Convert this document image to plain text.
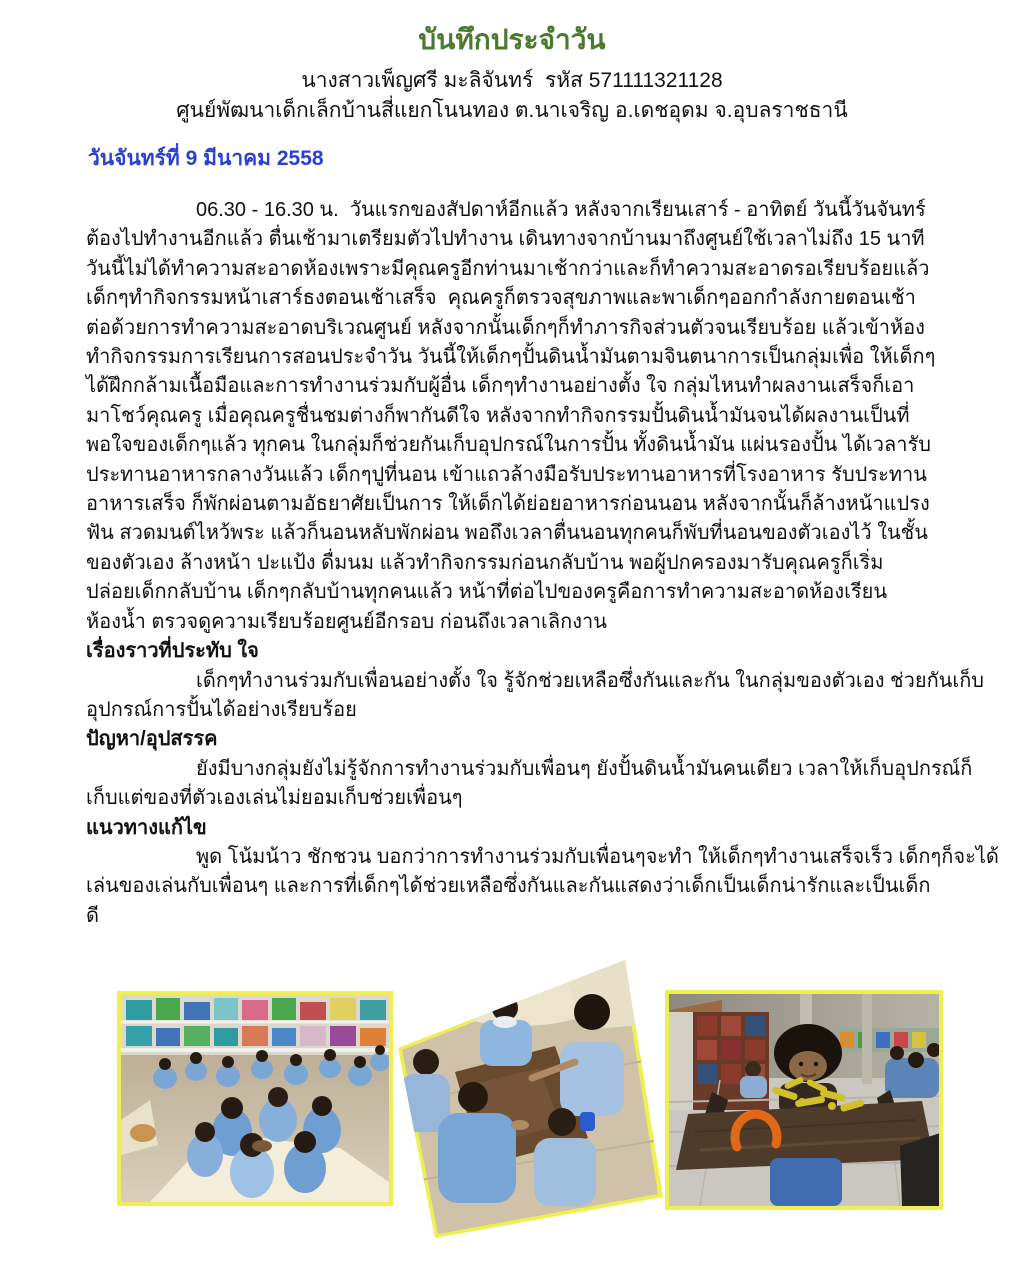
บันทึกประจำวัน
นางสาวเพ็ญศรี มะลิจันทร์  รหัส 571111321128
ศูนย์พัฒนาเด็กเล็กบ้านสี่แยกโนนทอง ต.นาเจริญ อ.เดชอุดม จ.อุบลราชธานี
วันจันทร์ที่ 9 มีนาคม 2558
06.30 - 16.30 น.  วันแรกของสัปดาห์อีกแล้ว หลังจากเรียนเสาร์ - อาทิตย์ วันนี้วันจันทร์
ต้องไปทำงานอีกแล้ว ตื่นเช้ามาเตรียมตัวไปทำงาน เดินทางจากบ้านมาถึงศูนย์ใช้เวลาไม่ถึง 15 นาที
วันนี้ไม่ได้ทำความสะอาดห้องเพราะมีคุณครูอีกท่านมาเช้ากว่าและก็ทำความสะอาดรอเรียบร้อยแล้ว
เด็กๆทำกิจกรรมหน้าเสาร์ธงตอนเช้าเสร็จ  คุณครูก็ตรวจสุขภาพและพาเด็กๆออกกำลังกายตอนเช้า
ต่อด้วยการทำความสะอาดบริเวณศูนย์ หลังจากนั้นเด็กๆก็ทำภารกิจส่วนตัวจนเรียบร้อย แล้วเข้าห้อง
ทำกิจกรรมการเรียนการสอนประจำวัน วันนี้ให้เด็กๆปั้นดินน้ำมันตามจินตนาการเป็นกลุ่มเพื่อ ให้เด็กๆ
ได้ฝึกกล้ามเนื้อมือและการทำงานร่วมกับผู้อื่น เด็กๆทำงานอย่างตั้ง ใจ กลุ่มไหนทำผลงานเสร็จก็เอา
มาโชว์คุณครู เมื่อคุณครูชื่นชมต่างก็พากันดีใจ หลังจากทำกิจกรรมปั้นดินน้ำมันจนได้ผลงานเป็นที่
พอใจของเด็กๆแล้ว ทุกคน ในกลุ่มก็ช่วยกันเก็บอุปกรณ์ในการปั้น ทั้งดินน้ำมัน แผ่นรองปั้น ได้เวลารับ
ประทานอาหารกลางวันแล้ว เด็กๆปูที่นอน เข้าแถวล้างมือรับประทานอาหารที่โรงอาหาร รับประทาน
อาหารเสร็จ ก็พักผ่อนตามอัธยาศัยเป็นการ ให้เด็กได้ย่อยอาหารก่อนนอน หลังจากนั้นก็ล้างหน้าแปรง
ฟัน สวดมนต์ไหว้พระ แล้วก็นอนหลับพักผ่อน พอถึงเวลาตื่นนอนทุกคนก็พับที่นอนของตัวเองไว้ ในชั้น
ของตัวเอง ล้างหน้า ปะแป้ง ดื่มนม แล้วทำกิจกรรมก่อนกลับบ้าน พอผู้ปกครองมารับคุณครูก็เริ่ม
ปล่อยเด็กกลับบ้าน เด็กๆกลับบ้านทุกคนแล้ว หน้าที่ต่อไปของครูคือการทำความสะอาดห้องเรียน
ห้องน้ำ ตรวจดูความเรียบร้อยศูนย์อีกรอบ ก่อนถึงเวลาเลิกงาน
เรื่องราวที่ประทับ ใจ
เด็กๆทำงานร่วมกับเพื่อนอย่างตั้ง ใจ รู้จักช่วยเหลือซึ่งกันและกัน ในกลุ่มของตัวเอง ช่วยกันเก็บ
อุปกรณ์การปั้นได้อย่างเรียบร้อย
ปัญหา/อุปสรรค
ยังมีบางกลุ่มยังไม่รู้จักการทำงานร่วมกับเพื่อนๆ ยังปั้นดินน้ำมันคนเดียว เวลาให้เก็บอุปกรณ์ก็
เก็บแต่ของที่ตัวเองเล่นไม่ยอมเก็บช่วยเพื่อนๆ
แนวทางแก้ไข
พูด โน้มน้าว ชักชวน บอกว่าการทำงานร่วมกับเพื่อนๆจะทำ ให้เด็กๆทำงานเสร็จเร็ว เด็กๆก็จะได้
เล่นของเล่นกับเพื่อนๆ และการที่เด็กๆได้ช่วยเหลือซึ่งกันและกันแสดงว่าเด็กเป็นเด็กน่ารักและเป็นเด็ก
ดี
